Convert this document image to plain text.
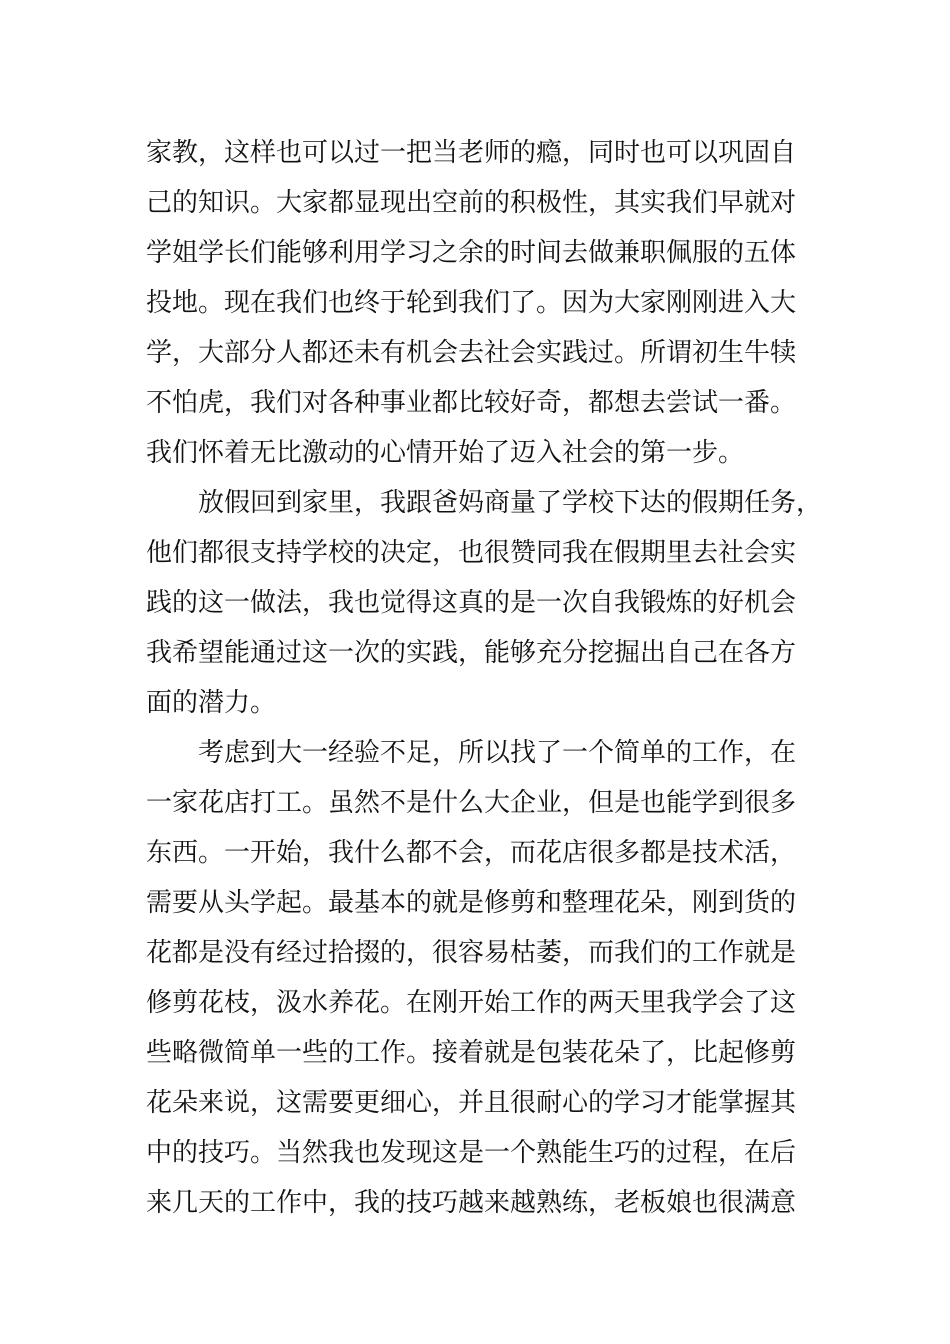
家教，这样也可以过一把当老师的瘾，同时也可以巩固自
己的知识。大家都显现出空前的积极性，其实我们早就对
学姐学长们能够利用学习之余的时间去做兼职佩服的五体
投地。现在我们也终于轮到我们了。因为大家刚刚进入大
学，大部分人都还未有机会去社会实践过。所谓初生牛犊
不怕虎，我们对各种事业都比较好奇，都想去尝试一番。
我们怀着无比激动的心情开始了迈入社会的第一步。
放假回到家里，我跟爸妈商量了学校下达的假期任务，
他们都很支持学校的决定，也很赞同我在假期里去社会实
践的这一做法，我也觉得这真的是一次自我锻炼的好机会
我希望能通过这一次的实践，能够充分挖掘出自己在各方
面的潜力。
考虑到大一经验不足，所以找了一个简单的工作，在
一家花店打工。虽然不是什么大企业，但是也能学到很多
东西。一开始，我什么都不会，而花店很多都是技术活，
需要从头学起。最基本的就是修剪和整理花朵，刚到货的
花都是没有经过拾掇的，很容易枯萎，而我们的工作就是
修剪花枝，汲水养花。在刚开始工作的两天里我学会了这
些略微简单一些的工作。接着就是包装花朵了，比起修剪
花朵来说，这需要更细心，并且很耐心的学习才能掌握其
中的技巧。当然我也发现这是一个熟能生巧的过程，在后
来几天的工作中，我的技巧越来越熟练，老板娘也很满意
